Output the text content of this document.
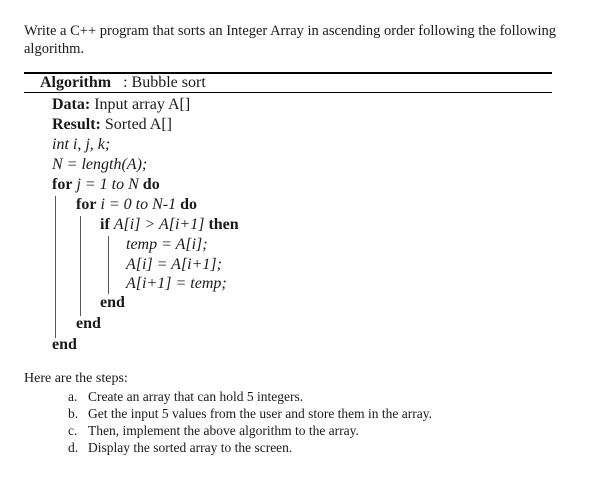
Write a C++ program that sorts an Integer Array in ascending order following the following algorithm.
Algorithm : Bubble sort
Data: Input array A[]
Result: Sorted A[]
int i, j, k;
N = length(A);
for j = 1 to N do
for i = 0 to N-1 do
if A[i] > A[i+1] then
temp = A[i];
A[i] = A[i+1];
A[i+1] = temp;
end
end
end
Here are the steps:
a. Create an array that can hold 5 integers.
b. Get the input 5 values from the user and store them in the array.
c. Then, implement the above algorithm to the array.
d. Display the sorted array to the screen.
